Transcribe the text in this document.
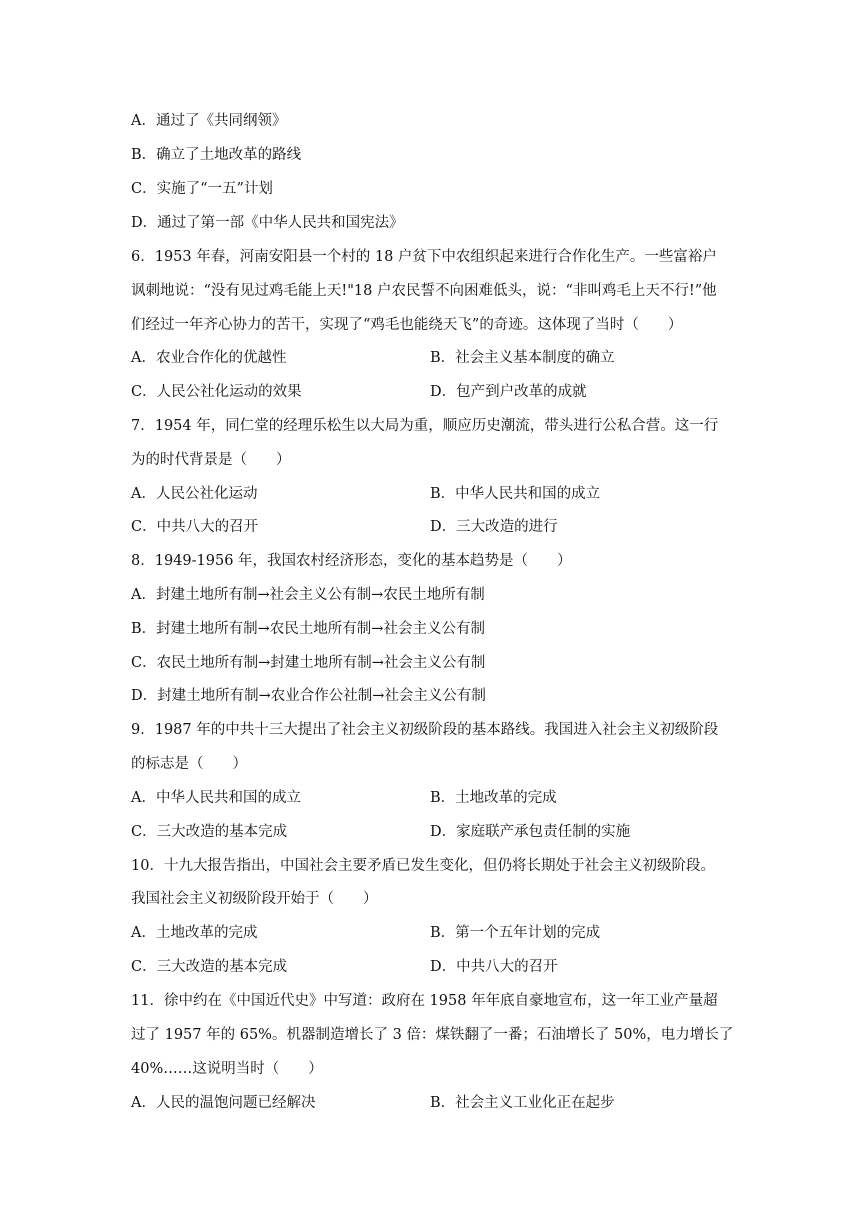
A．通过了《共同纲领》
B．确立了土地改革的路线
C．实施了“一五”计划
D．通过了第一部《中华人民共和国宪法》
6．1953 年春，河南安阳县一个村的 18 户贫下中农组织起来进行合作化生产。一些富裕户
讽刺地说：“没有见过鸡毛能上天!"18 户农民誓不向困难低头，说：“非叫鸡毛上天不行!”他
们经过一年齐心协力的苦干，实现了“鸡毛也能绕天飞”的奇迹。这体现了当时（　　）
A．农业合作化的优越性	B．社会主义基本制度的确立
C．人民公社化运动的效果	D．包产到户改革的成就
7．1954 年，同仁堂的经理乐松生以大局为重，顺应历史潮流，带头进行公私合营。这一行
为的时代背景是（　　）
A．人民公社化运动	B．中华人民共和国的成立
C．中共八大的召开	D．三大改造的进行
8．1949-1956 年，我国农村经济形态，变化的基本趋势是（　　）
A．封建土地所有制→社会主义公有制→农民土地所有制
B．封建土地所有制→农民土地所有制→社会主义公有制
C．农民土地所有制→封建土地所有制→社会主义公有制
D．封建土地所有制→农业合作公社制→社会主义公有制
9．1987 年的中共十三大提出了社会主义初级阶段的基本路线。我国进入社会主义初级阶段
的标志是（　　）
A．中华人民共和国的成立	B．土地改革的完成
C．三大改造的基本完成	D．家庭联产承包责任制的实施
10．十九大报告指出，中国社会主要矛盾已发生变化，但仍将长期处于社会主义初级阶段。
我国社会主义初级阶段开始于（　　）
A．土地改革的完成	B．第一个五年计划的完成
C．三大改造的基本完成	D．中共八大的召开
11．徐中约在《中国近代史》中写道：政府在 1958 年年底自豪地宣布，这一年工业产量超
过了 1957 年的 65%。机器制造增长了 3 倍：煤铁翻了一番；石油增长了 50%，电力增长了
40%……这说明当时（　　）
A．人民的温饱问题已经解决	B．社会主义工业化正在起步
